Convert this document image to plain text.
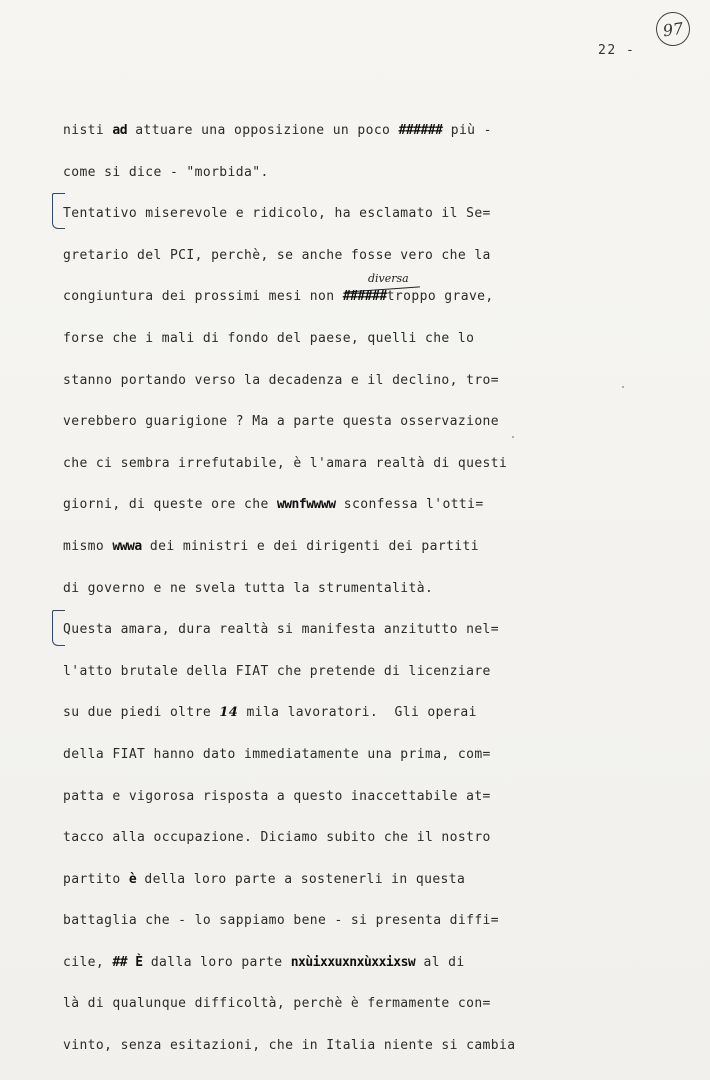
97
22 -
diversa
nisti ad attuare una opposizione un poco ###### più -
come si dice - "morbida".
Tentativo miserevole e ridicolo, ha esclamato il Se=
gretario del PCI, perchè, se anche fosse vero che la
congiuntura dei prossimi mesi non ######troppo grave,
forse che i mali di fondo del paese, quelli che lo
stanno portando verso la decadenza e il declino, tro=
verebbero guarigione ? Ma a parte questa osservazione
che ci sembra irrefutabile, è l'amara realtà di questi
giorni, di queste ore che wwnfwwww sconfessa l'otti=
mismo wwwa dei ministri e dei dirigenti dei partiti
di governo e ne svela tutta la strumentalità.
Questa amara, dura realtà si manifesta anzitutto nel=
l'atto brutale della FIAT che pretende di licenziare
su due piedi oltre 14 mila lavoratori.  Gli operai
della FIAT hanno dato immediatamente una prima, com=
patta e vigorosa risposta a questo inaccettabile at=
tacco alla occupazione. Diciamo subito che il nostro
partito è della loro parte a sostenerli in questa
battaglia che - lo sappiamo bene - si presenta diffi=
cile, ## È dalla loro parte nxùixxuxnxùxxixsw al di
là di qualunque difficoltà, perchè è fermamente con=
vinto, senza esitazioni, che in Italia niente si cambia
